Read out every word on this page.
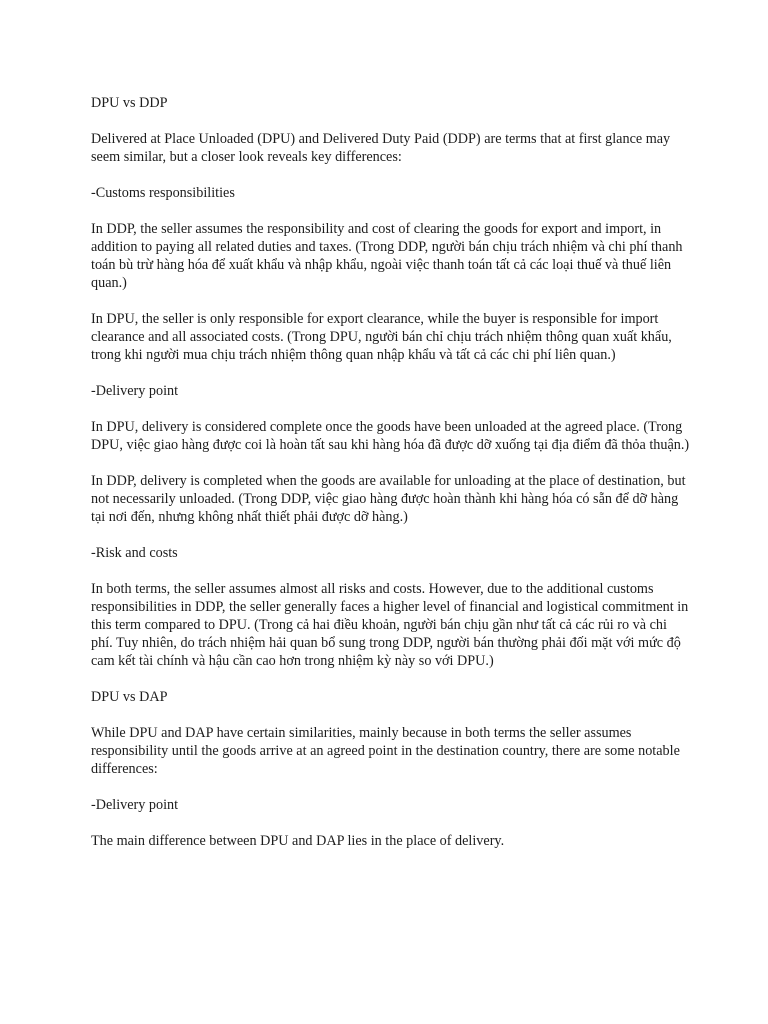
DPU vs DDP

Delivered at Place Unloaded (DPU) and Delivered Duty Paid (DDP) are terms that at first glance may seem similar, but a closer look reveals key differences:

-Customs responsibilities

In DDP, the seller assumes the responsibility and cost of clearing the goods for export and import, in addition to paying all related duties and taxes. (Trong DDP, người bán chịu trách nhiệm và chi phí thanh toán bù trừ hàng hóa để xuất khẩu và nhập khẩu, ngoài việc thanh toán tất cả các loại thuế và thuế liên quan.)

In DPU, the seller is only responsible for export clearance, while the buyer is responsible for import clearance and all associated costs. (Trong DPU, người bán chỉ chịu trách nhiệm thông quan xuất khẩu, trong khi người mua chịu trách nhiệm thông quan nhập khẩu và tất cả các chi phí liên quan.)

-Delivery point

In DPU, delivery is considered complete once the goods have been unloaded at the agreed place. (Trong DPU, việc giao hàng được coi là hoàn tất sau khi hàng hóa đã được dỡ xuống tại địa điểm đã thỏa thuận.)

In DDP, delivery is completed when the goods are available for unloading at the place of destination, but not necessarily unloaded. (Trong DDP, việc giao hàng được hoàn thành khi hàng hóa có sẵn để dỡ hàng tại nơi đến, nhưng không nhất thiết phải được dỡ hàng.)

-Risk and costs

In both terms, the seller assumes almost all risks and costs. However, due to the additional customs responsibilities in DDP, the seller generally faces a higher level of financial and logistical commitment in this term compared to DPU. (Trong cả hai điều khoản, người bán chịu gần như tất cả các rủi ro và chi phí. Tuy nhiên, do trách nhiệm hải quan bổ sung trong DDP, người bán thường phải đối mặt với mức độ cam kết tài chính và hậu cần cao hơn trong nhiệm kỳ này so với DPU.)

DPU vs DAP

While DPU and DAP have certain similarities, mainly because in both terms the seller assumes responsibility until the goods arrive at an agreed point in the destination country, there are some notable differences:

-Delivery point

The main difference between DPU and DAP lies in the place of delivery.
